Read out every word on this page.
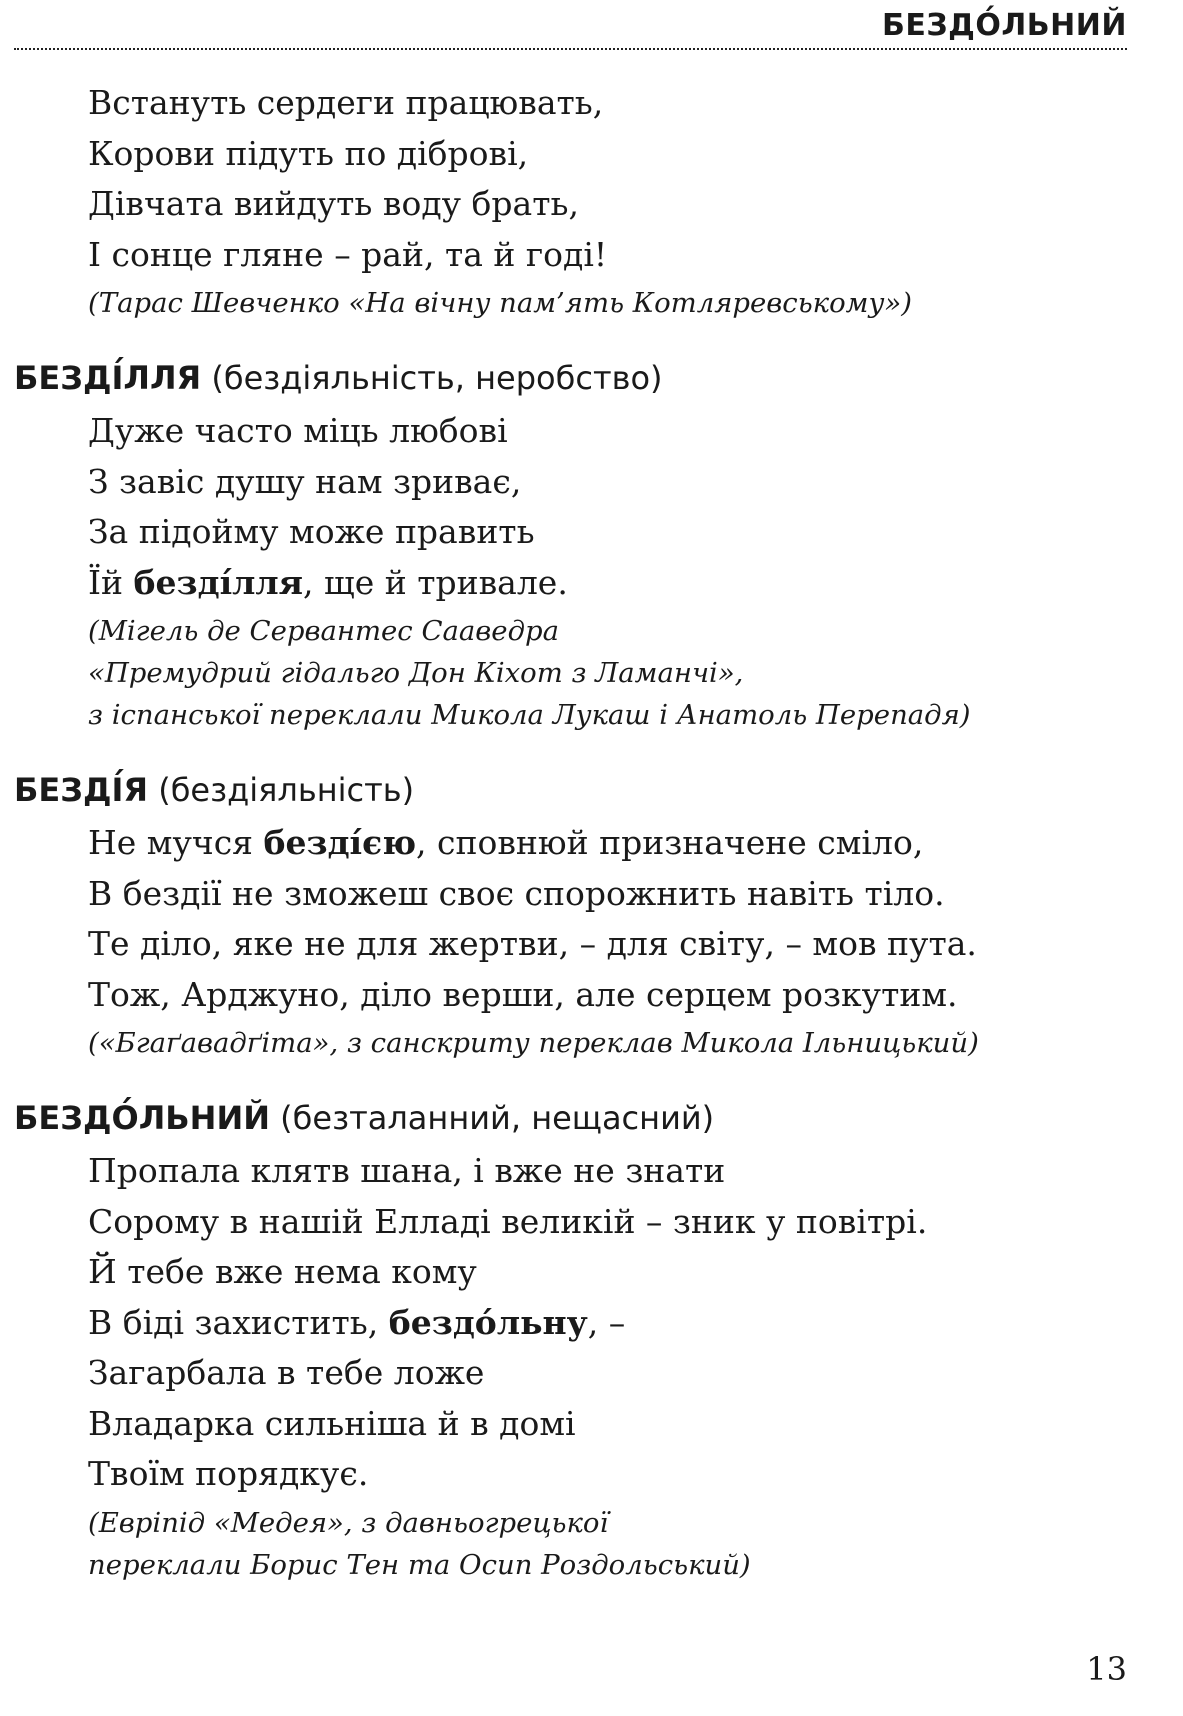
БЕЗДО́ЛЬНИЙ
Встануть сердеги працювать,
Корови підуть по діброві,
Дівчата вийдуть воду брать,
І сонце гляне – рай, та й годі!
(Тарас Шевченко «На вічну пам’ять Котляревському»)
БЕЗДІ́ЛЛЯ (бездіяльність, неробство)
Дуже часто міць любові
З завіс душу нам зриває,
За підойму може править
Їй безді́лля, ще й тривале.
(Мігель де Сервантес Сааведра
«Премудрий гідальго Дон Кіхот з Ламанчі»,
з іспанської переклали Микола Лукаш і Анатоль Перепадя)
БЕЗДІ́Я (бездіяльність)
Не мучся безді́єю, сповнюй призначене сміло,
В бездії не зможеш своє спорожнить навіть тіло.
Те діло, яке не для жертви, – для світу, – мов пута.
Тож, Арджуно, діло верши, але серцем розкутим.
(«Бгаґавадґіта», з санскриту переклав Микола Ільницький)
БЕЗДО́ЛЬНИЙ (безталанний, нещасний)
Пропала клятв шана, і вже не знати
Сорому в нашій Елладі великій – зник у повітрі.
Й тебе вже нема кому
В біді захистить, бездо́льну, –
Загарбала в тебе ложе
Владарка сильніша й в домі
Твоїм порядкує.
(Евріпід «Медея», з давньогрецької
переклали Борис Тен та Осип Роздольський)
13
